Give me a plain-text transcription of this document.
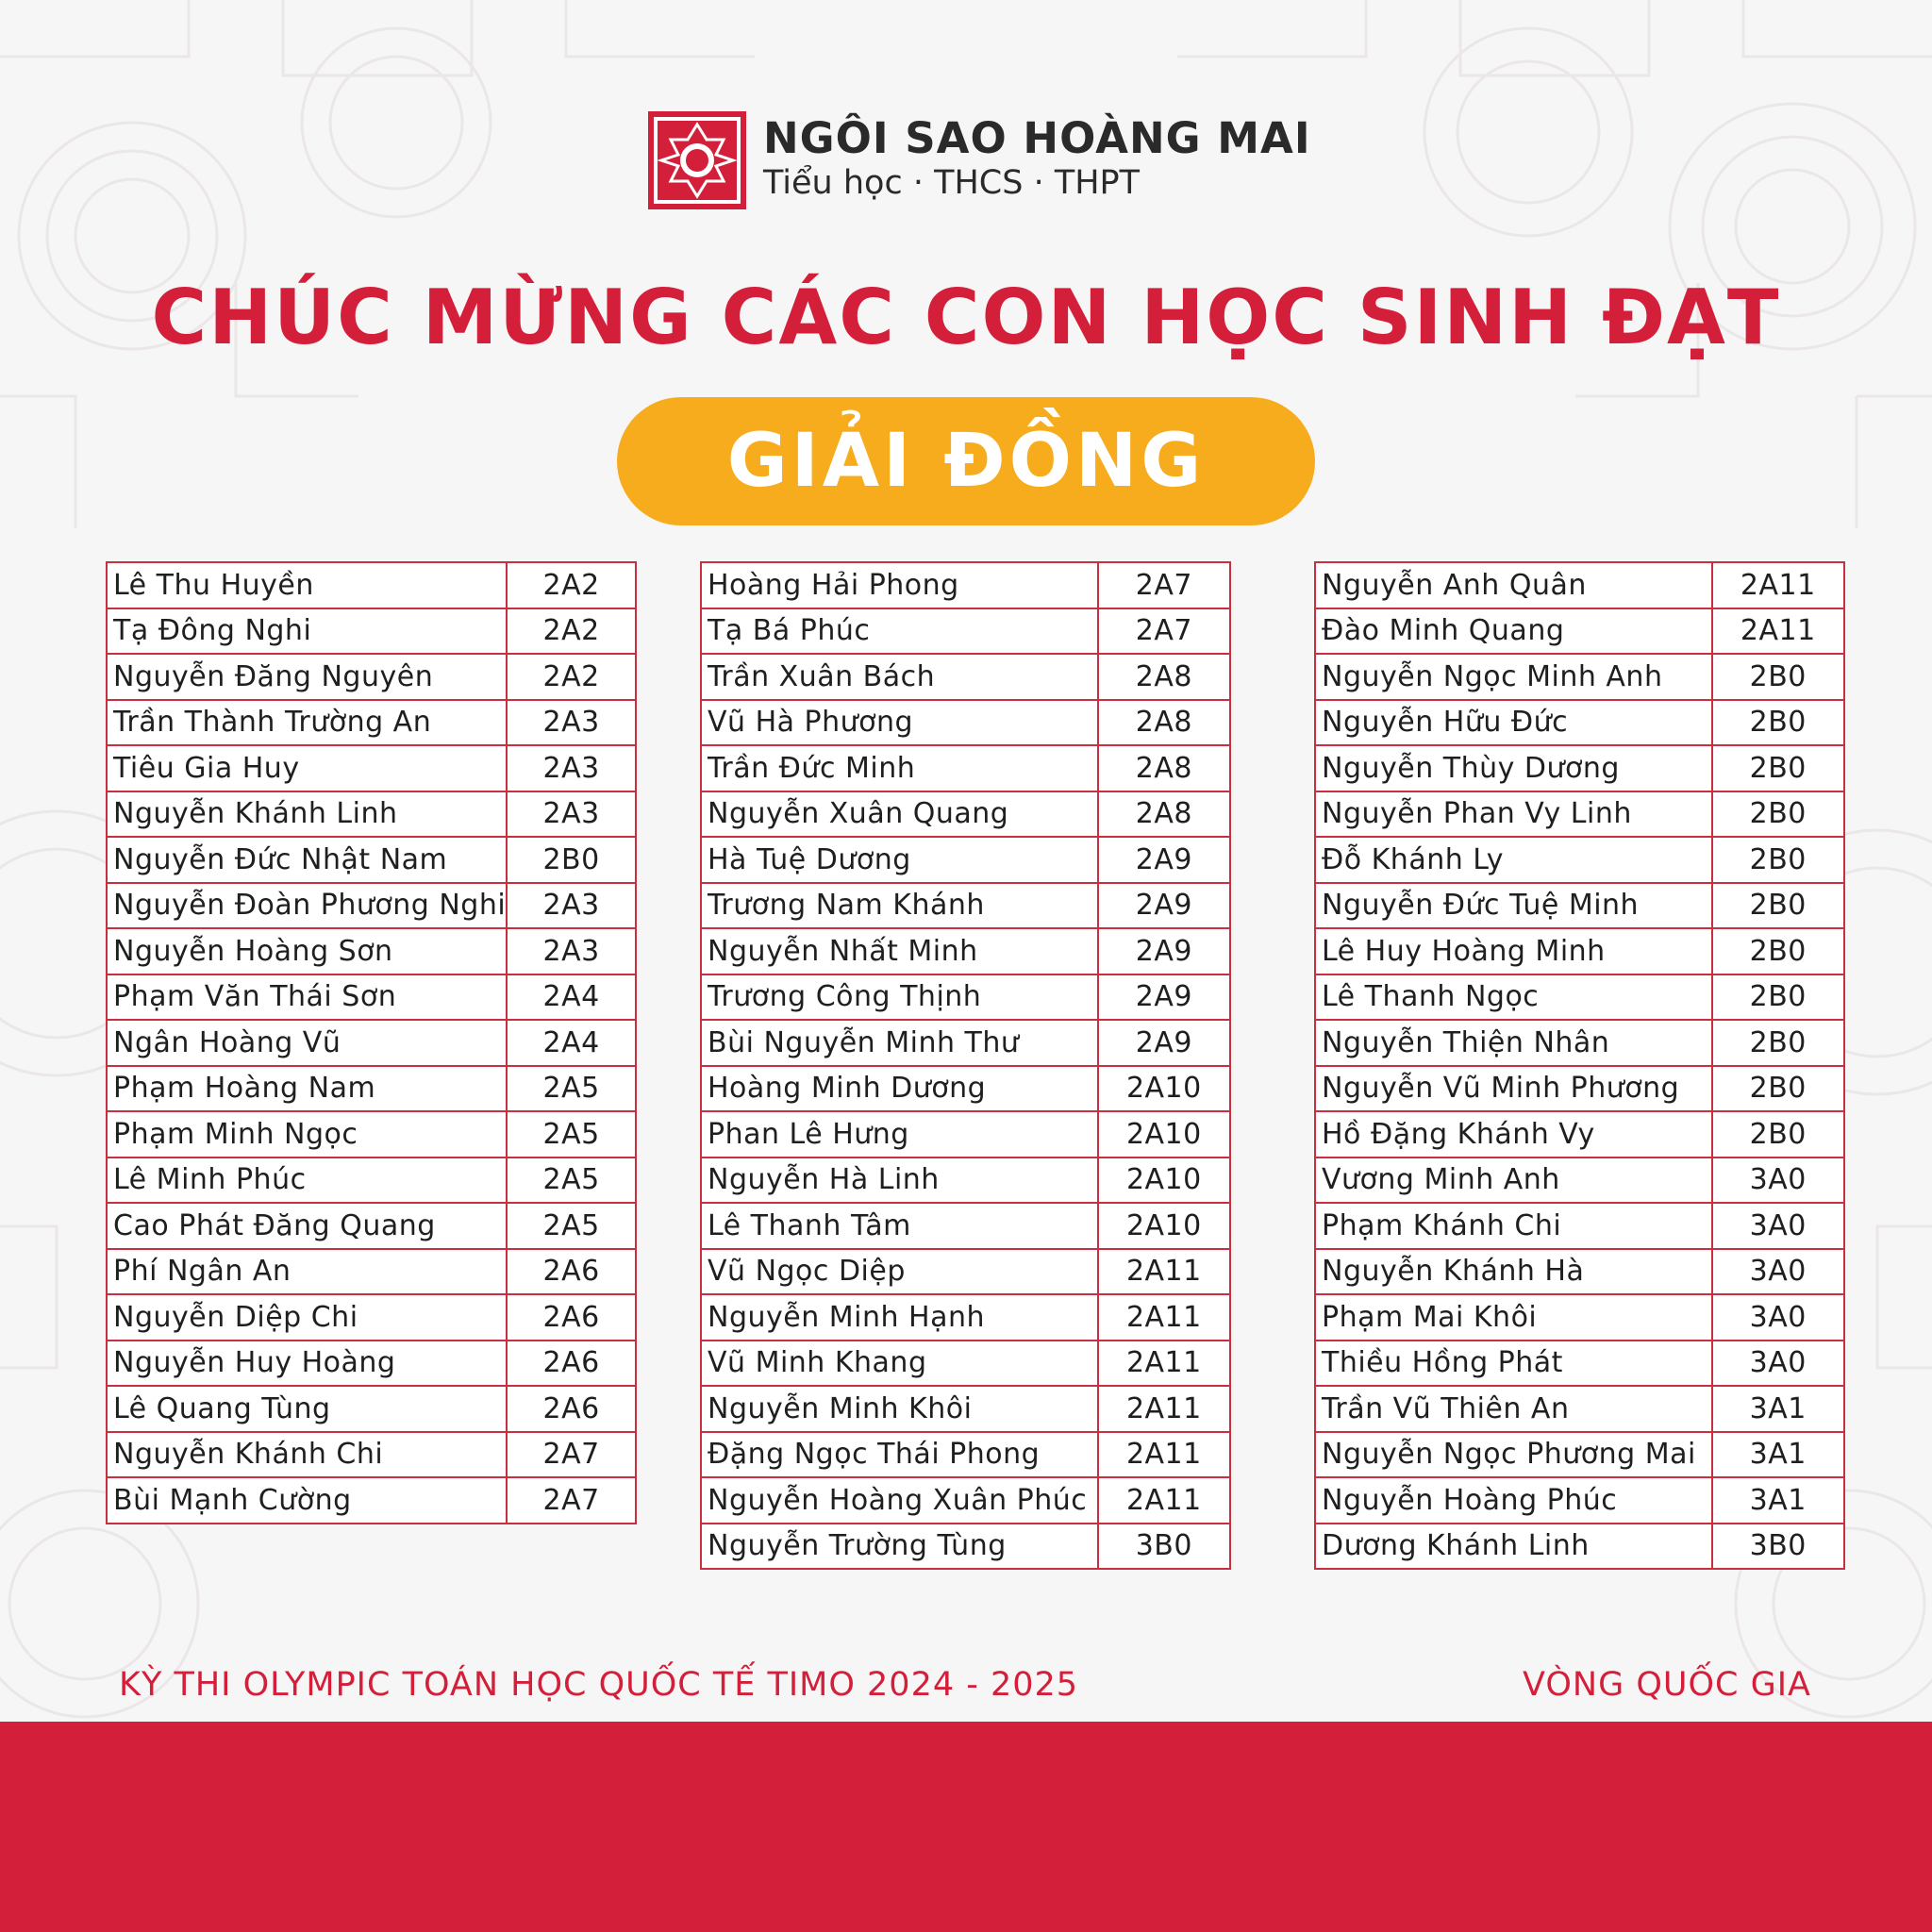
NGÔI SAO HOÀNG MAI
Tiểu học · THCS · THPT
CHÚC MỪNG CÁC CON HỌC SINH ĐẠT
GIẢI ĐỒNG
Lê Thu Huyền	2A2
Tạ Đông Nghi	2A2
Nguyễn Đăng Nguyên	2A2
Trần Thành Trường An	2A3
Tiêu Gia Huy	2A3
Nguyễn Khánh Linh	2A3
Nguyễn Đức Nhật Nam	2B0
Nguyễn Đoàn Phương Nghi	2A3
Nguyễn Hoàng Sơn	2A3
Phạm Văn Thái Sơn	2A4
Ngân Hoàng Vũ	2A4
Phạm Hoàng Nam	2A5
Phạm Minh Ngọc	2A5
Lê Minh Phúc	2A5
Cao Phát Đăng Quang	2A5
Phí Ngân An	2A6
Nguyễn Diệp Chi	2A6
Nguyễn Huy Hoàng	2A6
Lê Quang Tùng	2A6
Nguyễn Khánh Chi	2A7
Bùi Mạnh Cường	2A7
Hoàng Hải Phong	2A7
Tạ Bá Phúc	2A7
Trần Xuân Bách	2A8
Vũ Hà Phương	2A8
Trần Đức Minh	2A8
Nguyễn Xuân Quang	2A8
Hà Tuệ Dương	2A9
Trương Nam Khánh	2A9
Nguyễn Nhất Minh	2A9
Trương Công Thịnh	2A9
Bùi Nguyễn Minh Thư	2A9
Hoàng Minh Dương	2A10
Phan Lê Hưng	2A10
Nguyễn Hà Linh	2A10
Lê Thanh Tâm	2A10
Vũ Ngọc Diệp	2A11
Nguyễn Minh Hạnh	2A11
Vũ Minh Khang	2A11
Nguyễn Minh Khôi	2A11
Đặng Ngọc Thái Phong	2A11
Nguyễn Hoàng Xuân Phúc	2A11
Nguyễn Trường Tùng	3B0
Nguyễn Anh Quân	2A11
Đào Minh Quang	2A11
Nguyễn Ngọc Minh Anh	2B0
Nguyễn Hữu Đức	2B0
Nguyễn Thùy Dương	2B0
Nguyễn Phan Vy Linh	2B0
Đỗ Khánh Ly	2B0
Nguyễn Đức Tuệ Minh	2B0
Lê Huy Hoàng Minh	2B0
Lê Thanh Ngọc	2B0
Nguyễn Thiện Nhân	2B0
Nguyễn Vũ Minh Phương	2B0
Hồ Đặng Khánh Vy	2B0
Vương Minh Anh	3A0
Phạm Khánh Chi	3A0
Nguyễn Khánh Hà	3A0
Phạm Mai Khôi	3A0
Thiều Hồng Phát	3A0
Trần Vũ Thiên An	3A1
Nguyễn Ngọc Phương Mai	3A1
Nguyễn Hoàng Phúc	3A1
Dương Khánh Linh	3B0
KỲ THI OLYMPIC TOÁN HỌC QUỐC TẾ TIMO 2024 - 2025	VÒNG QUỐC GIA
